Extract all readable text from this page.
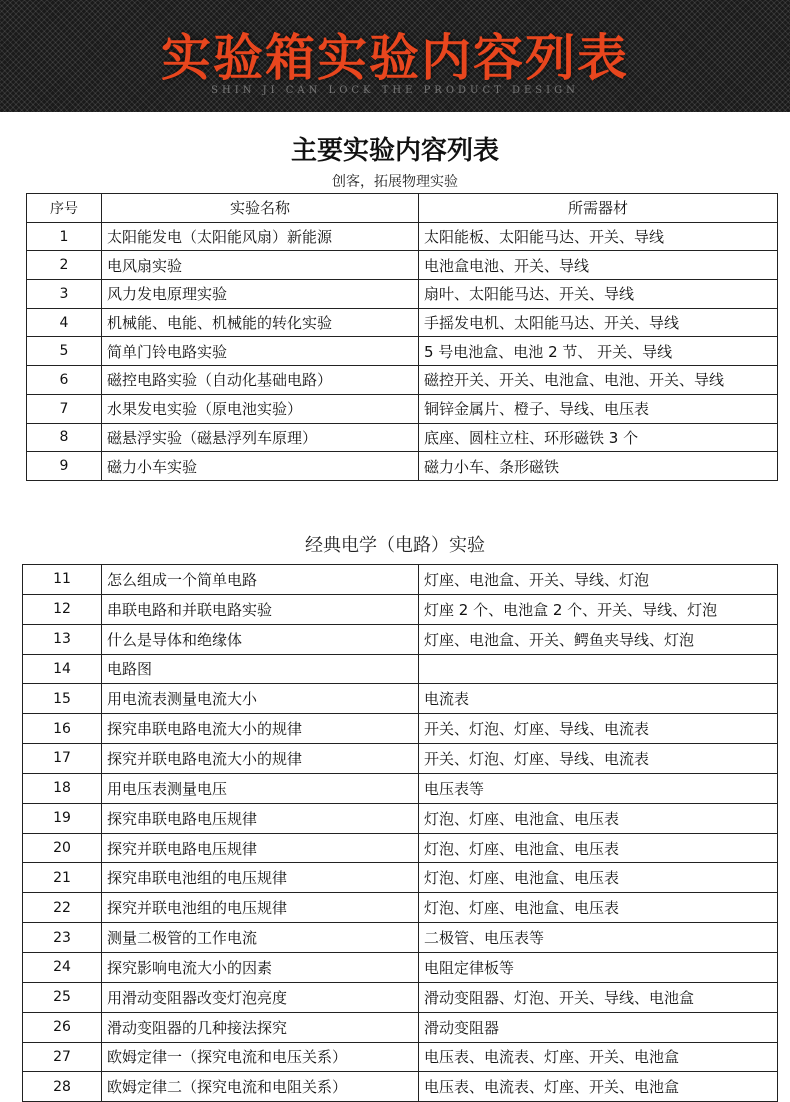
实验箱实验内容列表
SHIN JI CAN LOCK THE PRODUCT DESIGN
主要实验内容列表
创客，拓展物理实验
序号	实验名称	所需器材
1	太阳能发电（太阳能风扇）新能源	太阳能板、太阳能马达、开关、导线
2	电风扇实验	电池盒电池、开关、导线
3	风力发电原理实验	扇叶、太阳能马达、开关、导线
4	机械能、电能、机械能的转化实验	手摇发电机、太阳能马达、开关、导线
5	简单门铃电路实验	5 号电池盒、电池 2 节、 开关、导线
6	磁控电路实验（自动化基础电路）	磁控开关、开关、电池盒、电池、开关、导线
7	水果发电实验（原电池实验）	铜锌金属片、橙子、导线、电压表
8	磁悬浮实验（磁悬浮列车原理）	底座、圆柱立柱、环形磁铁 3 个
9	磁力小车实验	磁力小车、条形磁铁
经典电学（电路）实验
11	怎么组成一个简单电路	灯座、电池盒、开关、导线、灯泡
12	串联电路和并联电路实验	灯座 2 个、电池盒 2 个、开关、导线、灯泡
13	什么是导体和绝缘体	灯座、电池盒、开关、鳄鱼夹导线、灯泡
14	电路图	
15	用电流表测量电流大小	电流表
16	探究串联电路电流大小的规律	开关、灯泡、灯座、导线、电流表
17	探究并联电路电流大小的规律	开关、灯泡、灯座、导线、电流表
18	用电压表测量电压	电压表等
19	探究串联电路电压规律	灯泡、灯座、电池盒、电压表
20	探究并联电路电压规律	灯泡、灯座、电池盒、电压表
21	探究串联电池组的电压规律	灯泡、灯座、电池盒、电压表
22	探究并联电池组的电压规律	灯泡、灯座、电池盒、电压表
23	测量二极管的工作电流	二极管、电压表等
24	探究影响电流大小的因素	电阻定律板等
25	用滑动变阻器改变灯泡亮度	滑动变阻器、灯泡、开关、导线、电池盒
26	滑动变阻器的几种接法探究	滑动变阻器
27	欧姆定律一（探究电流和电压关系）	电压表、电流表、灯座、开关、电池盒
28	欧姆定律二（探究电流和电阻关系）	电压表、电流表、灯座、开关、电池盒
